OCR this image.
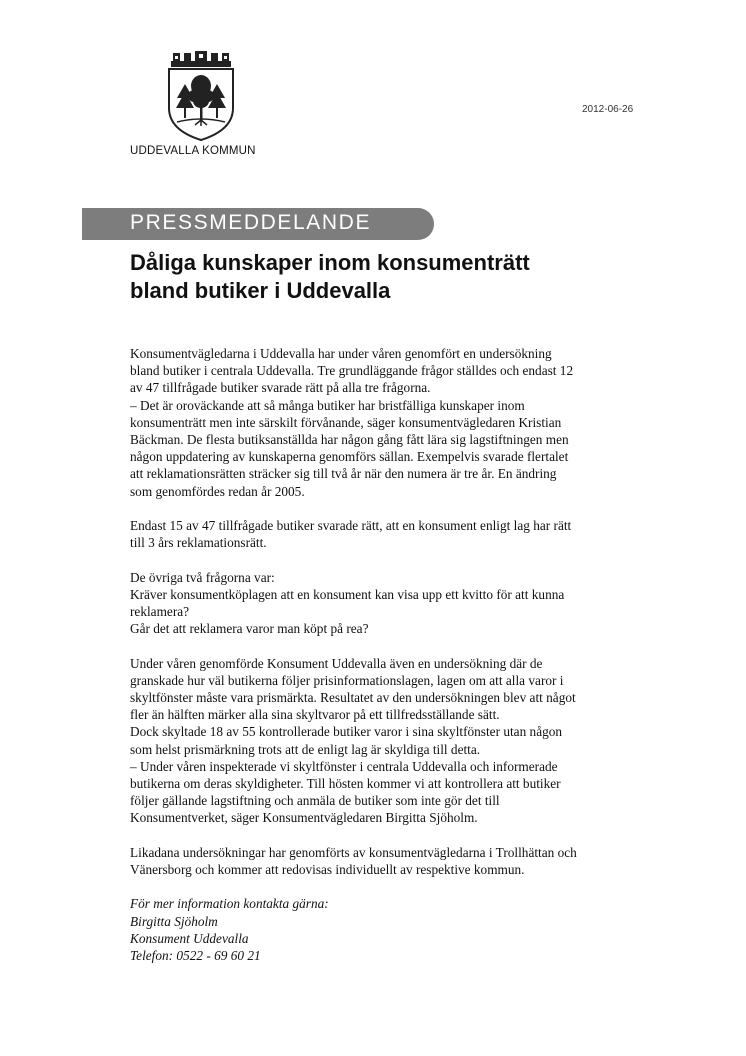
UDDEVALLA KOMMUN
2012-06-26
PRESSMEDDELANDE
Dåliga kunskaper inom konsumenträtt
bland butiker i Uddevalla

Konsumentvägledarna i Uddevalla har under våren genomfört en undersökning
bland butiker i centrala Uddevalla. Tre grundläggande frågor ställdes och endast 12
av 47 tillfrågade butiker svarade rätt på alla tre frågorna.
– Det är oroväckande att så många butiker har bristfälliga kunskaper inom
konsumenträtt men inte särskilt förvånande, säger konsumentvägledaren Kristian
Bäckman. De flesta butiksanställda har någon gång fått lära sig lagstiftningen men
någon uppdatering av kunskaperna genomförs sällan. Exempelvis svarade flertalet
att reklamationsrätten sträcker sig till två år när den numera är tre år. En ändring
som genomfördes redan år 2005.

Endast 15 av 47 tillfrågade butiker svarade rätt, att en konsument enligt lag har rätt
till 3 års reklamationsrätt.

De övriga två frågorna var:
Kräver konsumentköplagen att en konsument kan visa upp ett kvitto för att kunna
reklamera?
Går det att reklamera varor man köpt på rea?

Under våren genomförde Konsument Uddevalla även en undersökning där de
granskade hur väl butikerna följer prisinformationslagen, lagen om att alla varor i
skyltfönster måste vara prismärkta. Resultatet av den undersökningen blev att något
fler än hälften märker alla sina skyltvaror på ett tillfredsställande sätt.
Dock skyltade 18 av 55 kontrollerade butiker varor i sina skyltfönster utan någon
som helst prismärkning trots att de enligt lag är skyldiga till detta.
– Under våren inspekterade vi skyltfönster i centrala Uddevalla och informerade
butikerna om deras skyldigheter. Till hösten kommer vi att kontrollera att butiker
följer gällande lagstiftning och anmäla de butiker som inte gör det till
Konsumentverket, säger Konsumentvägledaren Birgitta Sjöholm.

Likadana undersökningar har genomförts av konsumentvägledarna i Trollhättan och
Vänersborg och kommer att redovisas individuellt av respektive kommun.

För mer information kontakta gärna:
Birgitta Sjöholm
Konsument Uddevalla
Telefon: 0522 - 69 60 21
